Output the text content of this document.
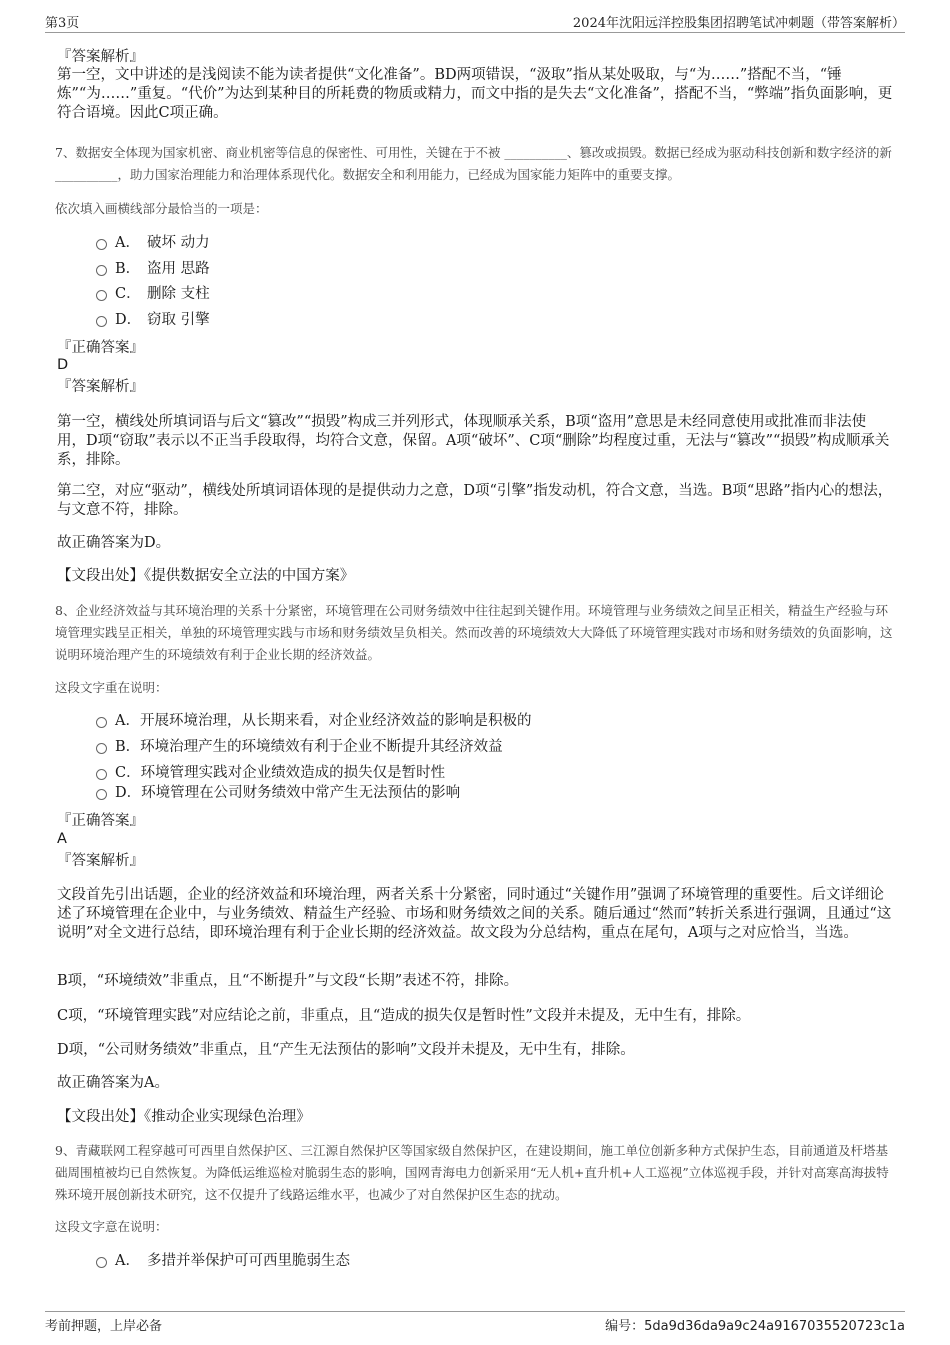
第3页	2024年沈阳远洋控股集团招聘笔试冲刺题（带答案解析）
『答案解析』
第一空，文中讲述的是浅阅读不能为读者提供“文化准备”。BD两项错误，“汲取”指从某处吸取，与“为……”搭配不当，“锤炼”“为……”重复。“代价”为达到某种目的所耗费的物质或精力，而文中指的是失去“文化准备”，搭配不当，“弊端”指负面影响，更符合语境。因此C项正确。
7、数据安全体现为国家机密、商业机密等信息的保密性、可用性，关键在于不被 __________、篡改或损毁。数据已经成为驱动科技创新和数字经济的新 __________，助力国家治理能力和治理体系现代化。数据安全和利用能力，已经成为国家能力矩阵中的重要支撑。
依次填入画横线部分最恰当的一项是：
A． 破坏 动力
B． 盗用 思路
C． 删除 支柱
D． 窃取 引擎
『正确答案』
D
『答案解析』
第一空，横线处所填词语与后文“篡改”“损毁”构成三并列形式，体现顺承关系，B项“盗用”意思是未经同意使用或批准而非法使用，D项“窃取”表示以不正当手段取得，均符合文意，保留。A项“破坏”、C项“删除”均程度过重，无法与“篡改”“损毁”构成顺承关系，排除。
第二空，对应“驱动”，横线处所填词语体现的是提供动力之意，D项“引擎”指发动机，符合文意，当选。B项“思路”指内心的想法，与文意不符，排除。
故正确答案为D。
【文段出处】《提供数据安全立法的中国方案》
8、企业经济效益与其环境治理的关系十分紧密，环境管理在公司财务绩效中往往起到关键作用。环境管理与业务绩效之间呈正相关，精益生产经验与环境管理实践呈正相关，单独的环境管理实践与市场和财务绩效呈负相关。然而改善的环境绩效大大降低了环境管理实践对市场和财务绩效的负面影响，这说明环境治理产生的环境绩效有利于企业长期的经济效益。
这段文字重在说明：
A．开展环境治理，从长期来看，对企业经济效益的影响是积极的
B．环境治理产生的环境绩效有利于企业不断提升其经济效益
C．环境管理实践对企业绩效造成的损失仅是暂时性
D．环境管理在公司财务绩效中常产生无法预估的影响
『正确答案』
A
『答案解析』
文段首先引出话题，企业的经济效益和环境治理，两者关系十分紧密，同时通过“关键作用”强调了环境管理的重要性。后文详细论述了环境管理在企业中，与业务绩效、精益生产经验、市场和财务绩效之间的关系。随后通过“然而”转折关系进行强调，且通过“这说明”对全文进行总结，即环境治理有利于企业长期的经济效益。故文段为分总结构，重点在尾句，A项与之对应恰当，当选。
B项，“环境绩效”非重点，且“不断提升”与文段“长期”表述不符，排除。
C项，“环境管理实践”对应结论之前，非重点，且“造成的损失仅是暂时性”文段并未提及，无中生有，排除。
D项，“公司财务绩效”非重点，且“产生无法预估的影响”文段并未提及，无中生有，排除。
故正确答案为A。
【文段出处】《推动企业实现绿色治理》
9、青藏联网工程穿越可可西里自然保护区、三江源自然保护区等国家级自然保护区，在建设期间，施工单位创新多种方式保护生态，目前通道及杆塔基础周围植被均已自然恢复。为降低运维巡检对脆弱生态的影响，国网青海电力创新采用“无人机+直升机+人工巡视”立体巡视手段，并针对高寒高海拔特殊环境开展创新技术研究，这不仅提升了线路运维水平，也减少了对自然保护区生态的扰动。
这段文字意在说明：
A． 多措并举保护可可西里脆弱生态
考前押题，上岸必备	编号：5da9d36da9a9c24a9167035520723c1a
